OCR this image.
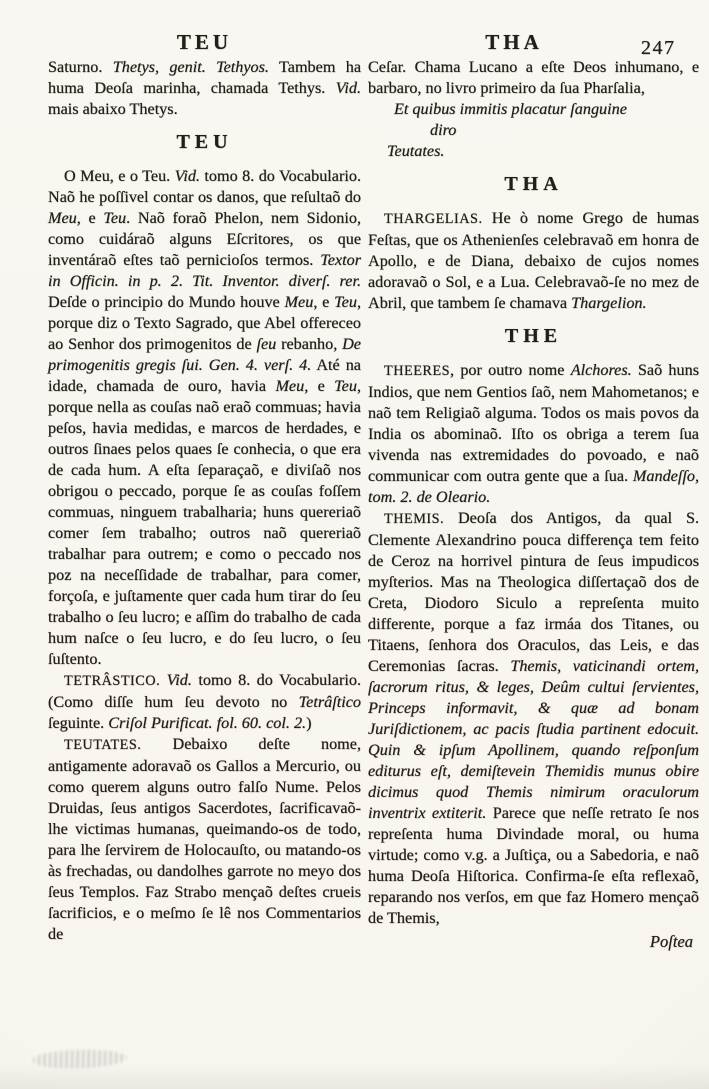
TEU	THA	247

Saturno. Thetys, genit. Tethyos. Tambem ha huma Deoſa marinha, chamada Tethys. Vid. mais abaixo Thetys.

TEU

O Meu, e o Teu. Vid. tomo 8. do Vocabulario. Naõ he poſſivel contar os danos, que reſultaõ do Meu, e Teu. Naõ foraõ Phelon, nem Sidonio, como cuidáraõ alguns Eſcritores, os que inventáraõ eſtes taõ pernicioſos termos. Textor in Officin. in p. 2. Tit. Inventor. diverſ. rer. Deſde o principio do Mundo houve Meu, e Teu, porque diz o Texto Sagrado, que Abel offereceo ao Senhor dos primogenitos de ſeu rebanho, De primogenitis gregis ſui. Gen. 4. verſ. 4. Até na idade, chamada de ouro, havia Meu, e Teu, porque nella as couſas naõ eraõ commuas; havia peſos, havia medidas, e marcos de herdades, e outros ſinaes pelos quaes ſe conhecia, o que era de cada hum. A eſta ſeparaçaõ, e diviſaõ nos obrigou o peccado, porque ſe as couſas foſſem commuas, ninguem trabalharia; huns quereriaõ comer ſem trabalho; outros naõ quereriaõ trabalhar para outrem; e como o peccado nos poz na neceſſidade de trabalhar, para comer, forçoſa, e juſtamente quer cada hum tirar do ſeu trabalho o ſeu lucro; e aſſim do trabalho de cada hum naſce o ſeu lucro, e do ſeu lucro, o ſeu ſuſtento.

TETRÂSTICO. Vid. tomo 8. do Vocabulario. (Como diſſe hum ſeu devoto no Tetrâſtico ſeguinte. Criſol Purificat. fol. 60. col. 2.)

TEUTATES. Debaixo deſte nome, antigamente adoravaõ os Gallos a Mercurio, ou como querem alguns outro falſo Nume. Pelos Druidas, ſeus antigos Sacerdotes, ſacrificavaõ-lhe victimas humanas, queimando-os de todo, para lhe ſervirem de Holocauſto, ou matando-os às frechadas, ou dandolhes garrote no meyo dos ſeus Templos. Faz Strabo mençaõ deſtes crueis ſacrificios, e o meſmo ſe lê nos Commentarios de

Ceſar. Chama Lucano a eſte Deos inhumano, e barbaro, no livro primeiro da ſua Pharſalia,

Et quibus immitis placatur ſanguine
diro
Teutates.
THA

THARGELIAS. He ò nome Grego de humas Feſtas, que os Athenienſes celebravaõ em honra de Apollo, e de Diana, debaixo de cujos nomes adoravaõ o Sol, e a Lua. Celebravaõ-ſe no mez de Abril, que tambem ſe chamava Thargelion.

THE

THEERES, por outro nome Alchores. Saõ huns Indios, que nem Gentios ſaõ, nem Mahometanos; e naõ tem Religiaõ alguma. Todos os mais povos da India os abominaõ. Iſto os obriga a terem ſua vivenda nas extremidades do povoado, e naõ communicar com outra gente que a ſua. Mandeſſo, tom. 2. de Oleario.

THEMIS. Deoſa dos Antigos, da qual S. Clemente Alexandrino pouca differença tem feito de Ceroz na horrivel pintura de ſeus impudicos myſterios. Mas na Theologica diſſertaçaõ dos de Creta, Diodoro Siculo a repreſenta muito differente, porque a faz irmáa dos Titanes, ou Titaens, ſenhora dos Oraculos, das Leis, e das Ceremonias ſacras. Themis, vaticinandi ortem, ſacrorum ritus, & leges, Deûm cultui ſervientes, Princeps informavit, & quæ ad bonam Juriſdictionem, ac pacis ſtudia partinent edocuit. Quin & ipſum Apollinem, quando reſponſum editurus eſt, demiſtevein Themidis munus obire dicimus quod Themis nimirum oraculorum inventrix extiterit. Parece que neſſe retrato ſe nos repreſenta huma Divindade moral, ou huma virtude; como v.g. a Juſtiça, ou a Sabedoria, e naõ huma Deoſa Hiſtorica. Confirma-ſe eſta reflexaõ, reparando nos verſos, em que faz Homero mençaõ de Themis,

Poſtea
